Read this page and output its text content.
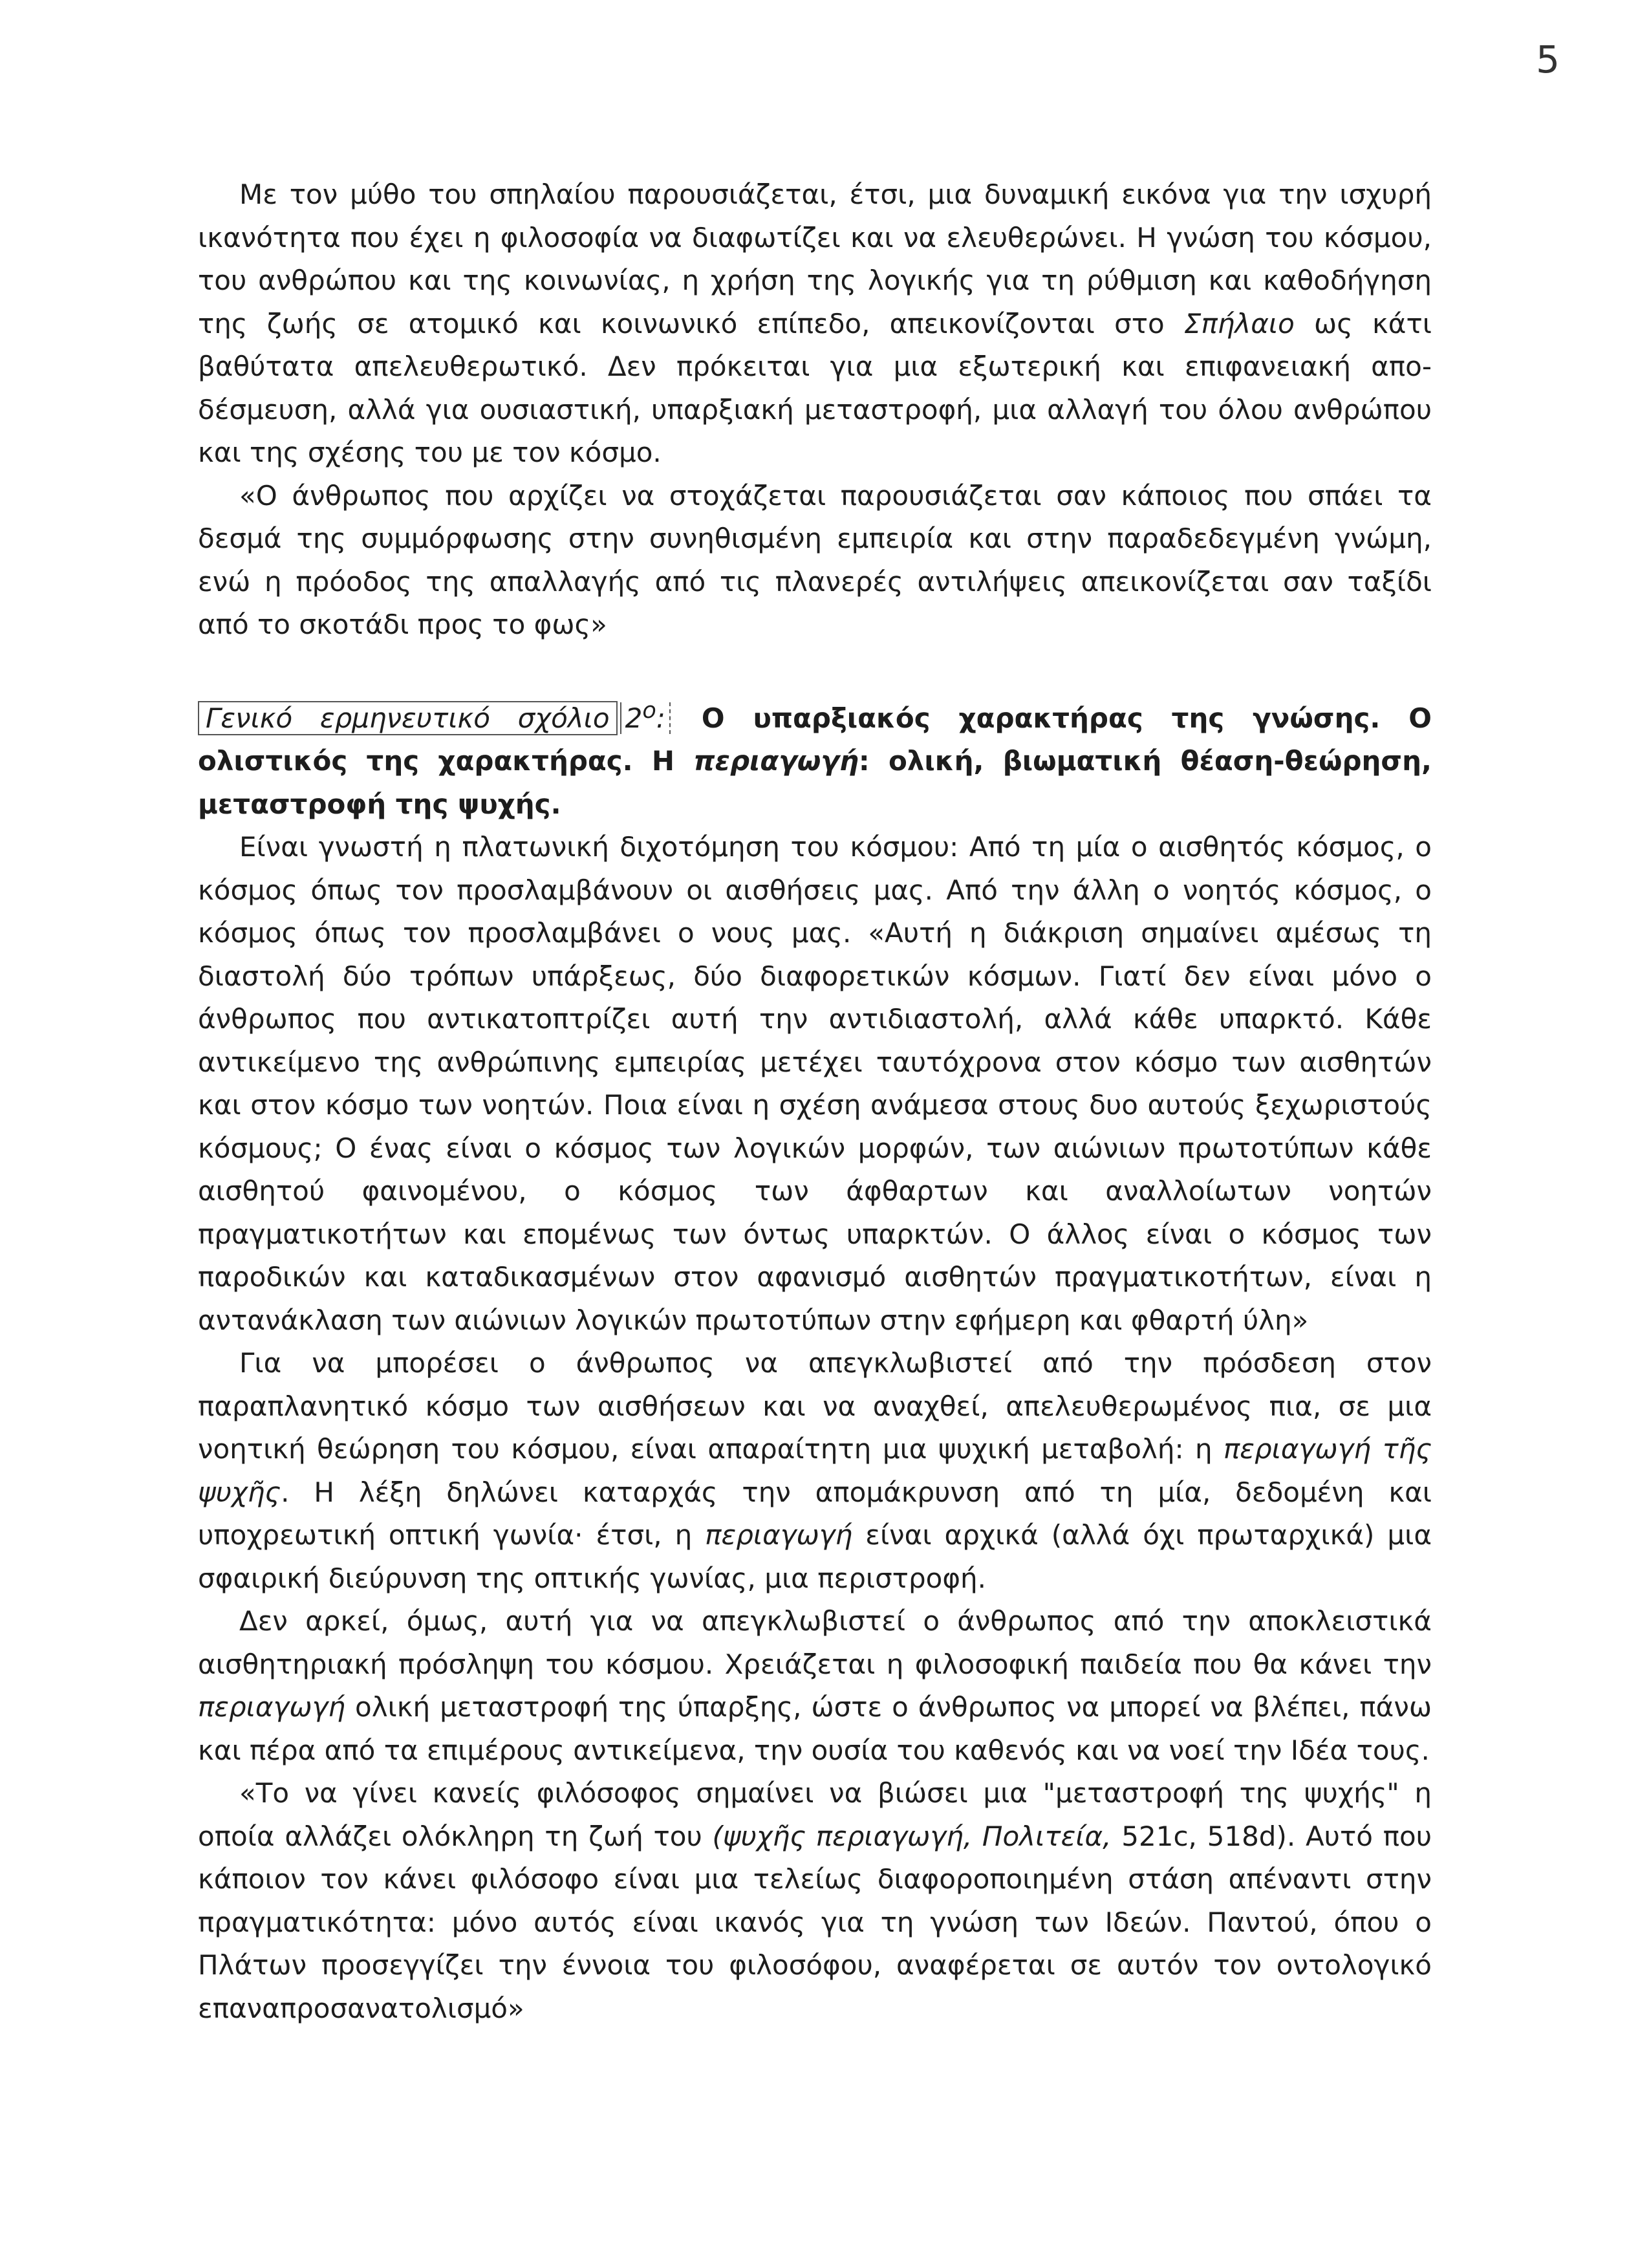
5

Με τον μύθο του σπηλαίου παρουσιάζεται, έτσι, μια δυναμική εικόνα για την ισχυρή ικανότητα που έχει η φιλοσοφία να διαφωτίζει και να ελευθερώνει. Η γνώση του κόσμου, του ανθρώπου και της κοινωνίας, η χρήση της λογικής για τη ρύθμιση και καθοδήγηση της ζωής σε ατομικό και κοινωνικό επίπεδο, απεικονίζονται στο Σπήλαιο ως κάτι βαθύτατα απελευθερωτικό. Δεν πρόκειται για μια εξωτερική και επιφανειακή απο-δέσμευση, αλλά για ουσιαστική, υπαρξιακή μεταστροφή, μια αλλαγή του όλου ανθρώπου και της σχέσης του με τον κόσμο.

«Ο άνθρωπος που αρχίζει να στοχάζεται παρουσιάζεται σαν κάποιος που σπάει τα δεσμά της συμμόρφωσης στην συνηθισμένη εμπειρία και στην παραδεδεγμένη γνώμη, ενώ η πρόοδος της απαλλαγής από τις πλανερές αντιλήψεις απεικονίζεται σαν ταξίδι από το σκοτάδι προς το φως»

Γενικό ερμηνευτικό σχόλιο $2^o$: Ο υπαρξιακός χαρακτήρας της γνώσης. Ο ολιστικός της χαρακτήρας. Η περιαγωγή: ολική, βιωματική θέαση-θεώρηση, μεταστροφή της ψυχής.

Είναι γνωστή η πλατωνική διχοτόμηση του κόσμου: Από τη μία ο αισθητός κόσμος, ο κόσμος όπως τον προσλαμβάνουν οι αισθήσεις μας. Από την άλλη ο νοητός κόσμος, ο κόσμος όπως τον προσλαμβάνει ο νους μας. «Αυτή η διάκριση σημαίνει αμέσως τη διαστολή δύο τρόπων υπάρξεως, δύο διαφορετικών κόσμων. Γιατί δεν είναι μόνο ο άνθρωπος που αντικατοπτρίζει αυτή την αντιδιαστολή, αλλά κάθε υπαρκτό. Κάθε αντικείμενο της ανθρώπινης εμπειρίας μετέχει ταυτόχρονα στον κόσμο των αισθητών και στον κόσμο των νοητών. Ποια είναι η σχέση ανάμεσα στους δυο αυτούς ξεχωριστούς κόσμους; Ο ένας είναι ο κόσμος των λογικών μορφών, των αιώνιων πρωτοτύπων κάθε αισθητού φαινομένου, ο κόσμος των άφθαρτων και αναλλοίωτων νοητών πραγματικοτήτων και επομένως των όντως υπαρκτών. Ο άλλος είναι ο κόσμος των παροδικών και καταδικασμένων στον αφανισμό αισθητών πραγματικοτήτων, είναι η αντανάκλαση των αιώνιων λογικών πρωτοτύπων στην εφήμερη και φθαρτή ύλη»

Για να μπορέσει ο άνθρωπος να απεγκλωβιστεί από την πρόσδεση στον παραπλανητικό κόσμο των αισθήσεων και να αναχθεί, απελευθερωμένος πια, σε μια νοητική θεώρηση του κόσμου, είναι απαραίτητη μια ψυχική μεταβολή: η περιαγωγή τῆς ψυχῆς. Η λέξη δηλώνει καταρχάς την απομάκρυνση από τη μία, δεδομένη και υποχρεωτική οπτική γωνία· έτσι, η περιαγωγή είναι αρχικά (αλλά όχι πρωταρχικά) μια σφαιρική διεύρυνση της οπτικής γωνίας, μια περιστροφή.

Δεν αρκεί, όμως, αυτή για να απεγκλωβιστεί ο άνθρωπος από την αποκλειστικά αισθητηριακή πρόσληψη του κόσμου. Χρειάζεται η φιλοσοφική παιδεία που θα κάνει την περιαγωγή ολική μεταστροφή της ύπαρξης, ώστε ο άνθρωπος να μπορεί να βλέπει, πάνω και πέρα από τα επιμέρους αντικείμενα, την ουσία του καθενός και να νοεί την Ιδέα τους.

«Το να γίνει κανείς φιλόσοφος σημαίνει να βιώσει μια "μεταστροφή της ψυχής" η οποία αλλάζει ολόκληρη τη ζωή του (ψυχῆς περιαγωγή, Πολιτεία, 521c, 518d). Αυτό που κάποιον τον κάνει φιλόσοφο είναι μια τελείως διαφοροποιημένη στάση απέναντι στην πραγματικότητα: μόνο αυτός είναι ικανός για τη γνώση των Ιδεών. Παντού, όπου ο Πλάτων προσεγγίζει την έννοια του φιλοσόφου, αναφέρεται σε αυτόν τον οντολογικό επαναπροσανατολισμό»
